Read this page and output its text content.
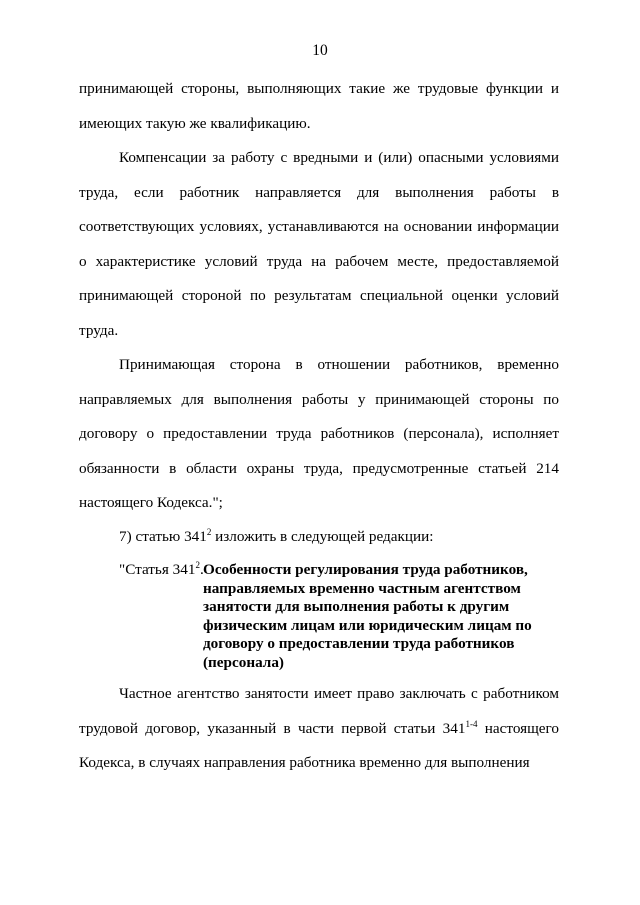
10

принимающей стороны, выполняющих такие же трудовые функции и имеющих такую же квалификацию.

Компенсации за работу с вредными и (или) опасными условиями труда, если работник направляется для выполнения работы в соответствующих условиях, устанавливаются на основании информации о характеристике условий труда на рабочем месте, предоставляемой принимающей стороной по результатам специальной оценки условий труда.

Принимающая сторона в отношении работников, временно направляемых для выполнения работы у принимающей стороны по договору о предоставлении труда работников (персонала), исполняет обязанности в области охраны труда, предусмотренные статьей 214 настоящего Кодекса.";

7) статью $341^2$ изложить в следующей редакции:

"Статья $341^2$. Особенности регулирования труда работников, направляемых временно частным агентством занятости для выполнения работы к другим физическим лицам или юридическим лицам по договору о предоставлении труда работников (персонала)

Частное агентство занятости имеет право заключать с работником трудовой договор, указанный в части первой статьи 341$^{1-4}$ настоящего Кодекса, в случаях направления работника временно для выполнения
